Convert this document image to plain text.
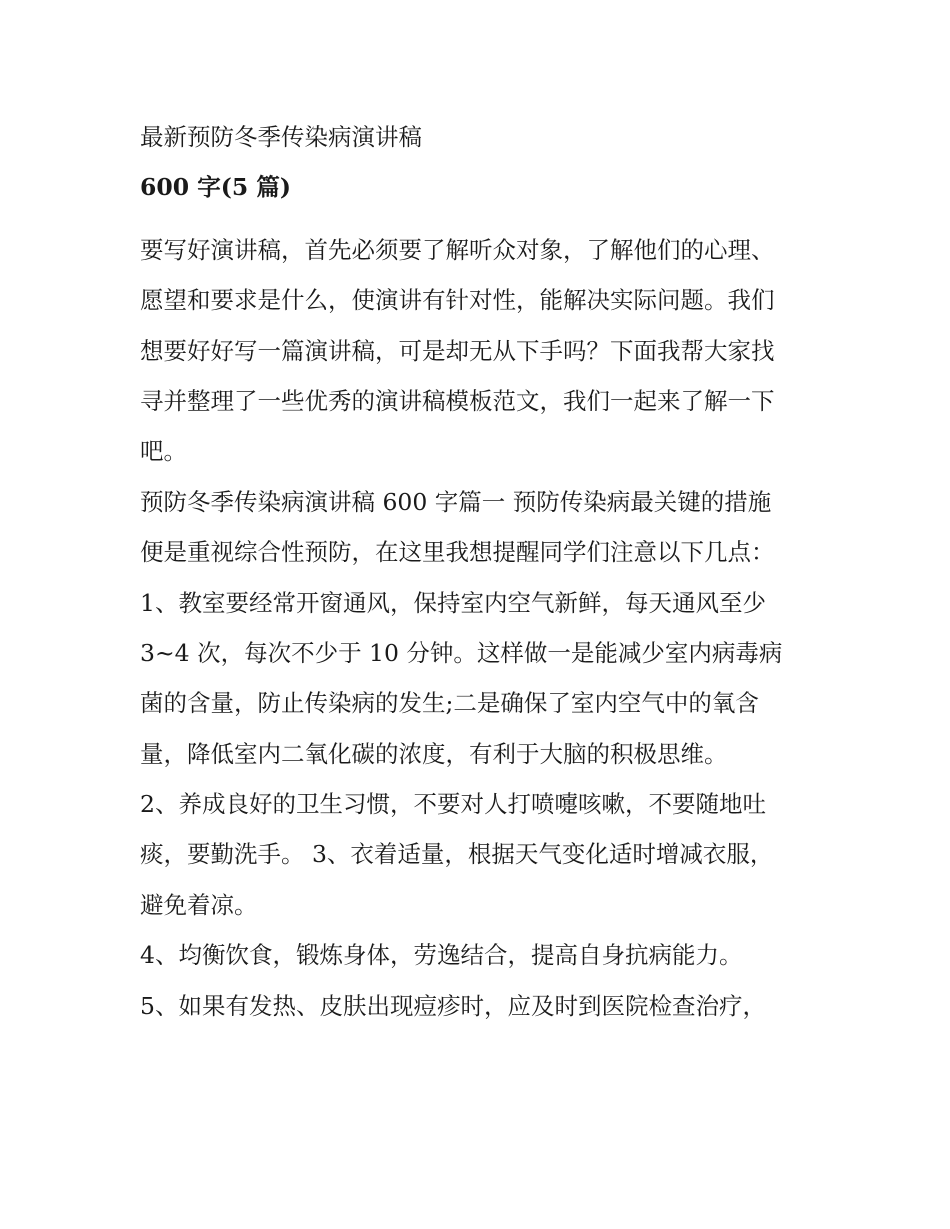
最新预防冬季传染病演讲稿
600 字(5 篇)
要写好演讲稿，首先必须要了解听众对象，了解他们的心理、
愿望和要求是什么，使演讲有针对性，能解决实际问题。我们
想要好好写一篇演讲稿，可是却无从下手吗？下面我帮大家找
寻并整理了一些优秀的演讲稿模板范文，我们一起来了解一下
吧。
预防冬季传染病演讲稿 600 字篇一 预防传染病最关键的措施
便是重视综合性预防，在这里我想提醒同学们注意以下几点：
1、教室要经常开窗通风，保持室内空气新鲜，每天通风至少
3~4 次，每次不少于 10 分钟。这样做一是能减少室内病毒病
菌的含量，防止传染病的发生;二是确保了室内空气中的氧含
量，降低室内二氧化碳的浓度，有利于大脑的积极思维。
2、养成良好的卫生习惯，不要对人打喷嚏咳嗽，不要随地吐
痰，要勤洗手。 3、衣着适量，根据天气变化适时增减衣服，
避免着凉。
4、均衡饮食，锻炼身体，劳逸结合，提高自身抗病能力。
5、如果有发热、皮肤出现痘疹时，应及时到医院检查治疗，
